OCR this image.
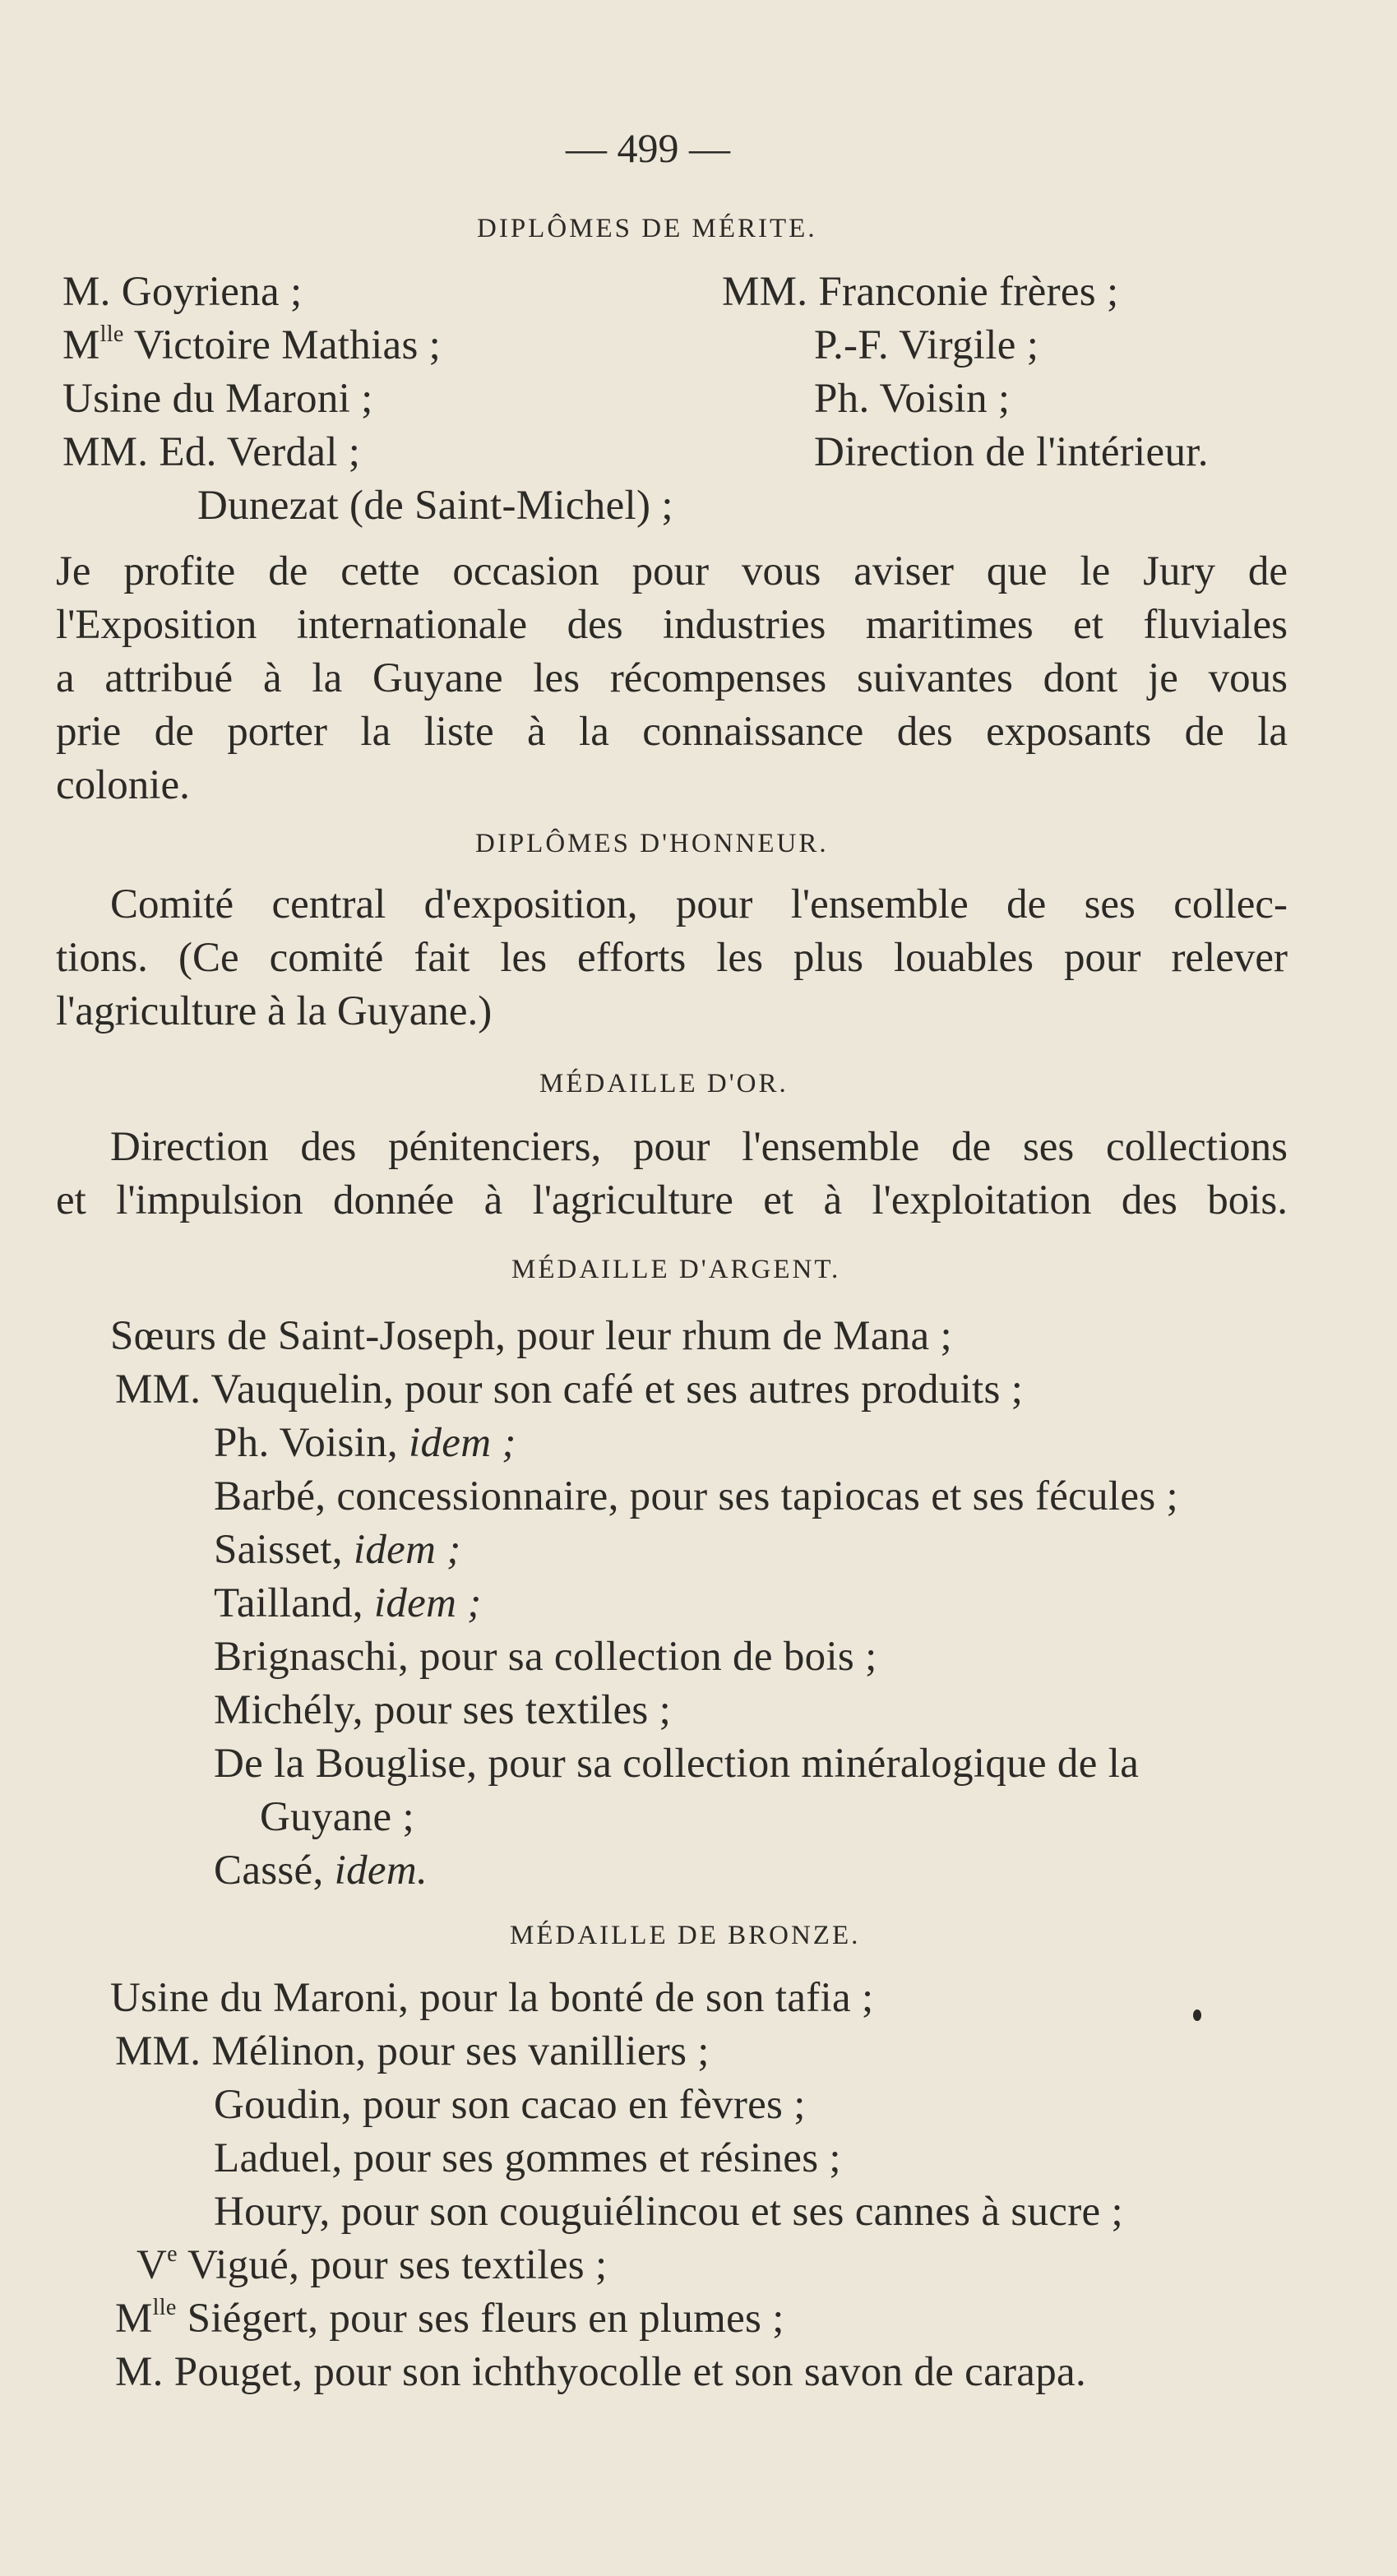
— 499 —
DIPLÔMES DE MÉRITE.
M. Goyriena ;
$M^{lle}$ Victoire Mathias ;
Usine du Maroni ;
MM. Ed. Verdal ;
MM. Franconie frères ;
P.-F. Virgile ;
Ph. Voisin ;
Direction de l'intérieur.
Dunezat (de Saint-Michel) ;
Je profite de cette occasion pour vous aviser que le Jury de
l'Exposition internationale des industries maritimes et fluviales
a attribué à la Guyane les récompenses suivantes dont je vous
prie de porter la liste à la connaissance des exposants de la
colonie.
DIPLÔMES D'HONNEUR.
Comité central d'exposition, pour l'ensemble de ses collec-
tions. (Ce comité fait les efforts les plus louables pour relever
l'agriculture à la Guyane.)
MÉDAILLE D'OR.
Direction des pénitenciers, pour l'ensemble de ses collections
et l'impulsion donnée à l'agriculture et à l'exploitation des bois.
MÉDAILLE D'ARGENT.
Sœurs de Saint-Joseph, pour leur rhum de Mana ;
MM. Vauquelin, pour son café et ses autres produits ;
Ph. Voisin, idem ;
Barbé, concessionnaire, pour ses tapiocas et ses fécules ;
Saisset, idem ;
Tailland, idem ;
Brignaschi, pour sa collection de bois ;
Michély, pour ses textiles ;
De la Bouglise, pour sa collection minéralogique de la
Guyane ;
Cassé, idem.
MÉDAILLE DE BRONZE.
Usine du Maroni, pour la bonté de son tafia ;
MM. Mélinon, pour ses vanilliers ;
Goudin, pour son cacao en fèvres ;
Laduel, pour ses gommes et résines ;
Houry, pour son couguiélincou et ses cannes à sucre ;
Ve Vigué, pour ses textiles ;
$M^{lle}$ Siégert, pour ses fleurs en plumes ;
M. Pouget, pour son ichthyocolle et son savon de carapa.
